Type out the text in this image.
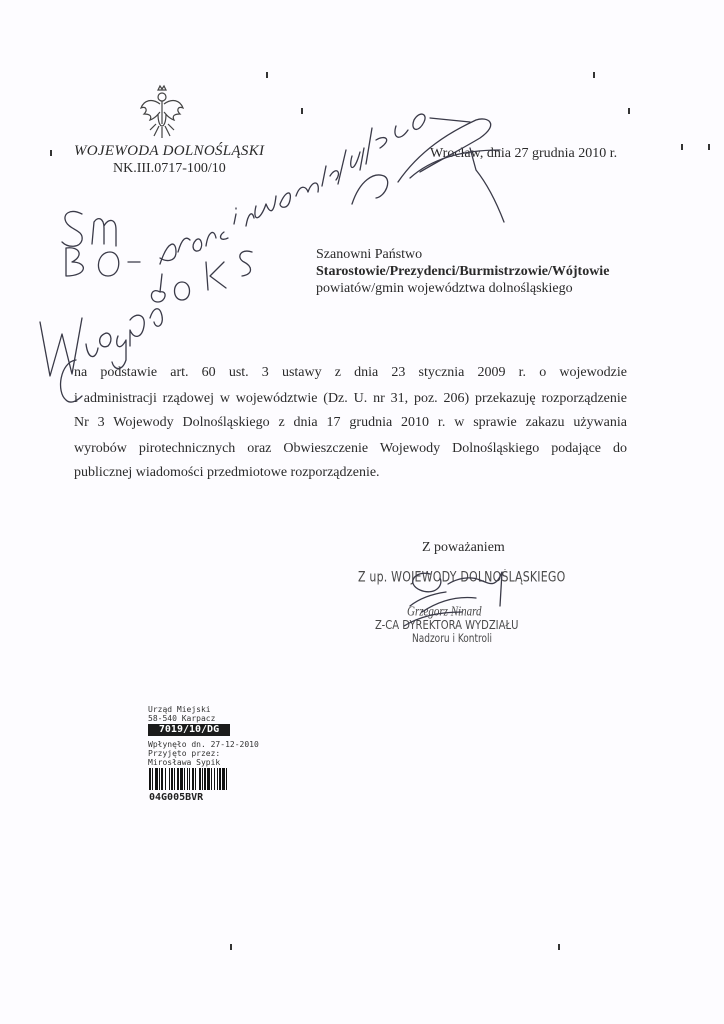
WOJEWODA DOLNOŚLĄSKI
NK.III.0717-100/10
Wrocław, dnia 27 grudnia 2010 r.
Szanowni Państwo
Starostowie/Prezydenci/Burmistrzowie/Wójtowie
powiatów/gmin województwa dolnośląskiego
na podstawie art. 60 ust. 3 ustawy z dnia 23 stycznia 2009 r. o wojewodzie
i administracji rządowej w województwie (Dz. U. nr 31, poz. 206) przekazuję rozporządzenie
Nr 3 Wojewody Dolnośląskiego z dnia 17 grudnia 2010 r. w sprawie zakazu używania
wyrobów pirotechnicznych oraz Obwieszczenie Wojewody Dolnośląskiego podające do
publicznej wiadomości przedmiotowe rozporządzenie.
Z poważaniem
Z up. WOJEWODY DOLNOŚLĄSKIEGO
Grzegorz Ninard
Z-CA DYREKTORA WYDZIAŁU
Nadzoru i Kontroli
Urząd Miejski
58-540 Karpacz
7019/10/DG
Wpłynęło dn. 27-12-2010
Przyjęto przez:
Mirosława Sypik
04G005BVR
